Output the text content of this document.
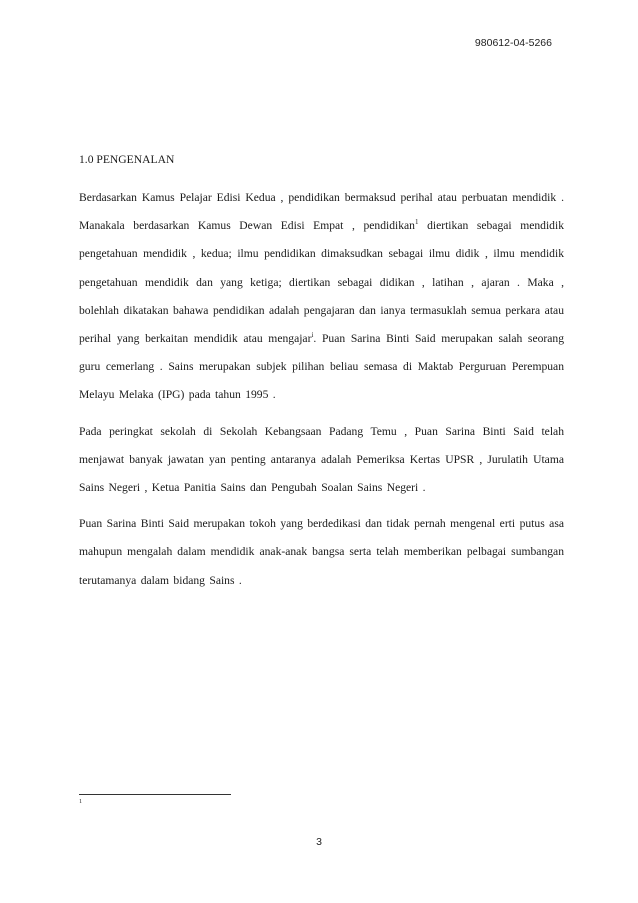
980612-04-5266
1.0 PENGENALAN

Berdasarkan Kamus Pelajar Edisi Kedua , pendidikan bermaksud perihal atau perbuatan mendidik . Manakala berdasarkan Kamus Dewan Edisi Empat , pendidikan$^1$ diertikan sebagai mendidik pengetahuan mendidik , kedua; ilmu pendidikan dimaksudkan sebagai ilmu didik , ilmu mendidik pengetahuan mendidik dan yang ketiga; diertikan sebagai didikan , latihan , ajaran . Maka , bolehlah dikatakan bahawa pendidikan adalah pengajaran dan ianya termasuklah semua perkara atau perihal yang berkaitan mendidik atau mengajar$^i$. Puan Sarina Binti Said merupakan salah seorang guru cemerlang . Sains merupakan subjek pilihan beliau semasa di Maktab Perguruan Perempuan Melayu Melaka (IPG) pada tahun 1995 .

Pada peringkat sekolah di Sekolah Kebangsaan Padang Temu , Puan Sarina Binti Said telah menjawat banyak jawatan yan penting antaranya adalah Pemeriksa Kertas UPSR , Jurulatih Utama Sains Negeri , Ketua Panitia Sains dan Pengubah Soalan Sains Negeri .

Puan Sarina Binti Said merupakan tokoh yang berdedikasi dan tidak pernah mengenal erti putus asa mahupun mengalah dalam mendidik anak-anak bangsa serta telah memberikan pelbagai sumbangan terutamanya dalam bidang Sains .

1
3
